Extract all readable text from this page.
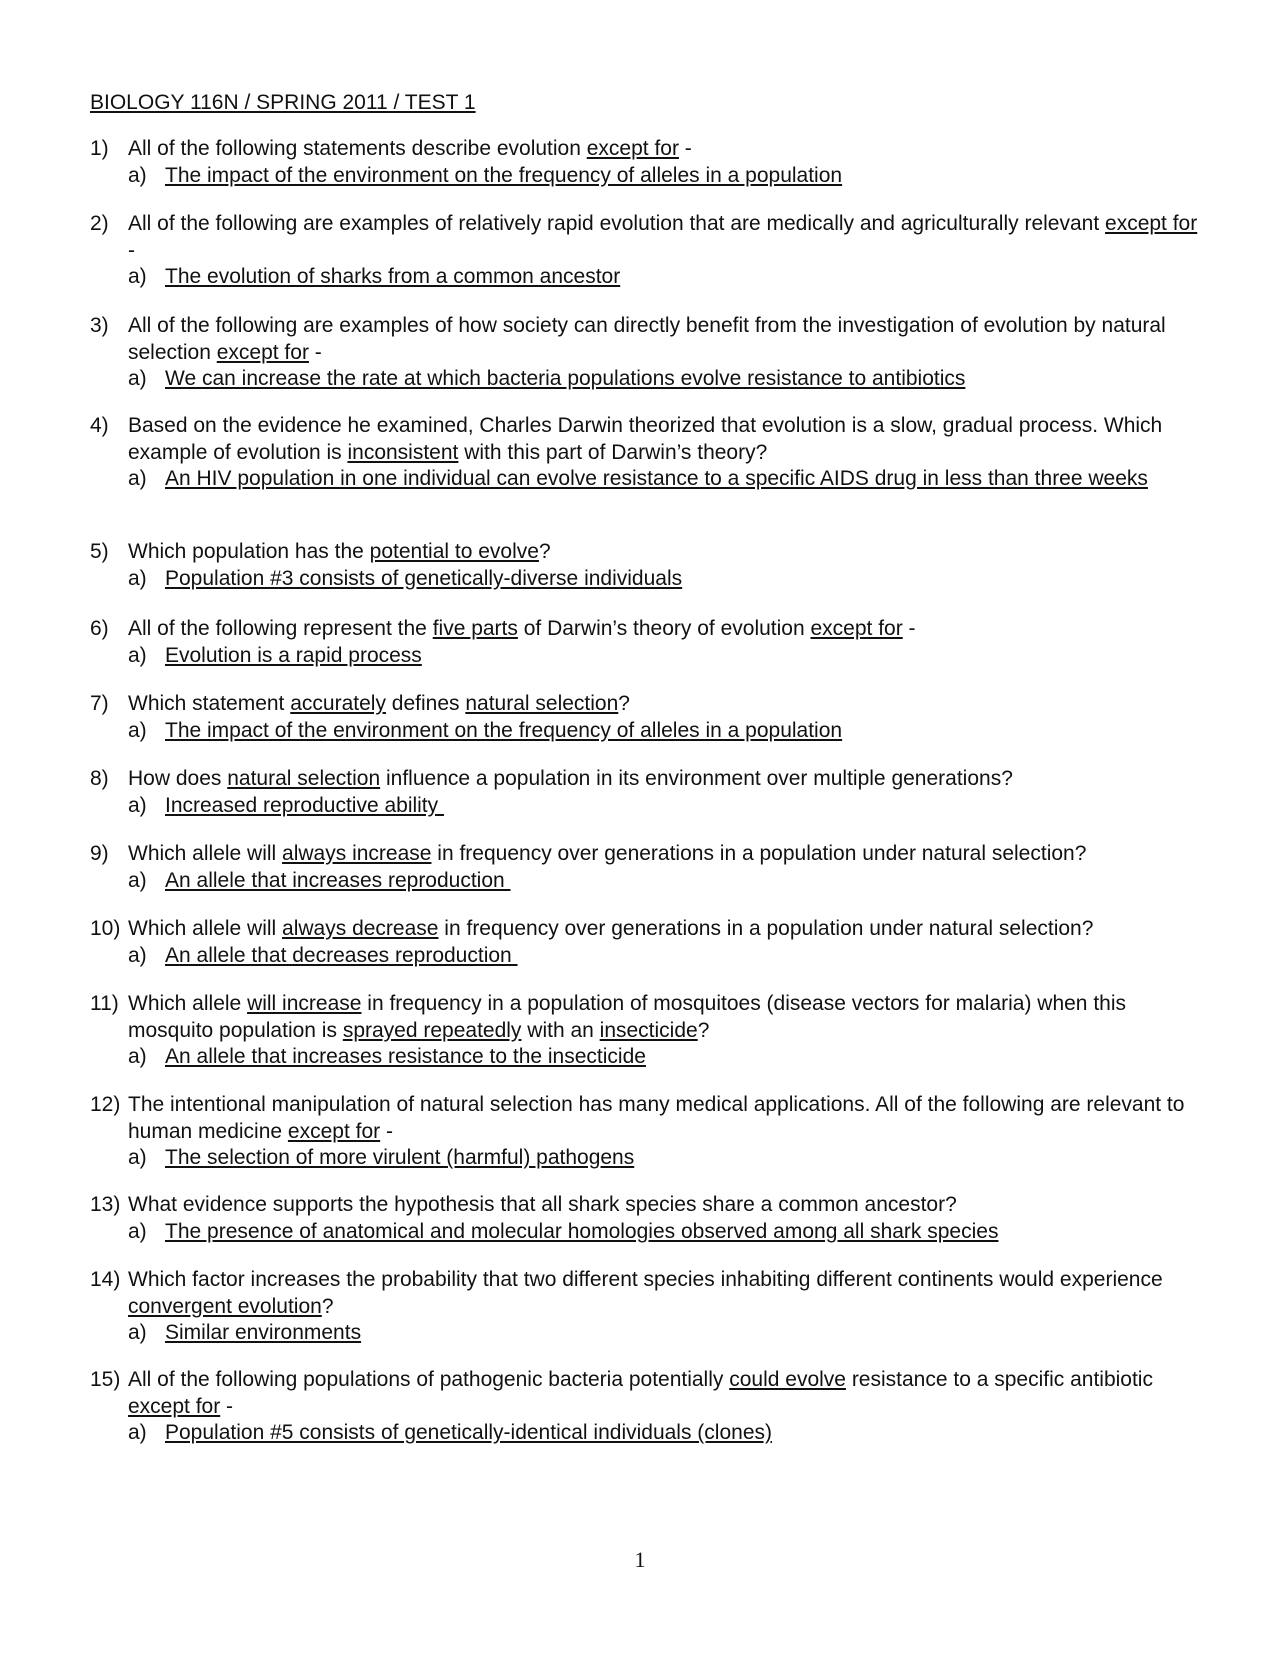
BIOLOGY 116N / SPRING 2011 / TEST 1
1) All of the following statements describe evolution except for -
a) The impact of the environment on the frequency of alleles in a population
2) All of the following are examples of relatively rapid evolution that are medically and agriculturally relevant except for -
a) The evolution of sharks from a common ancestor
3) All of the following are examples of how society can directly benefit from the investigation of evolution by natural selection except for -
a) We can increase the rate at which bacteria populations evolve resistance to antibiotics
4) Based on the evidence he examined, Charles Darwin theorized that evolution is a slow, gradual process. Which example of evolution is inconsistent with this part of Darwin’s theory?
a) An HIV population in one individual can evolve resistance to a specific AIDS drug in less than three weeks
5) Which population has the potential to evolve?
a) Population #3 consists of genetically-diverse individuals
6) All of the following represent the five parts of Darwin’s theory of evolution except for -
a) Evolution is a rapid process
7) Which statement accurately defines natural selection?
a) The impact of the environment on the frequency of alleles in a population
8) How does natural selection influence a population in its environment over multiple generations?
a) Increased reproductive ability
9) Which allele will always increase in frequency over generations in a population under natural selection?
a) An allele that increases reproduction
10) Which allele will always decrease in frequency over generations in a population under natural selection?
a) An allele that decreases reproduction
11) Which allele will increase in frequency in a population of mosquitoes (disease vectors for malaria) when this mosquito population is sprayed repeatedly with an insecticide?
a) An allele that increases resistance to the insecticide
12) The intentional manipulation of natural selection has many medical applications. All of the following are relevant to human medicine except for -
a) The selection of more virulent (harmful) pathogens
13) What evidence supports the hypothesis that all shark species share a common ancestor?
a) The presence of anatomical and molecular homologies observed among all shark species
14) Which factor increases the probability that two different species inhabiting different continents would experience convergent evolution?
a) Similar environments
15) All of the following populations of pathogenic bacteria potentially could evolve resistance to a specific antibiotic except for -
a) Population #5 consists of genetically-identical individuals (clones)
1
